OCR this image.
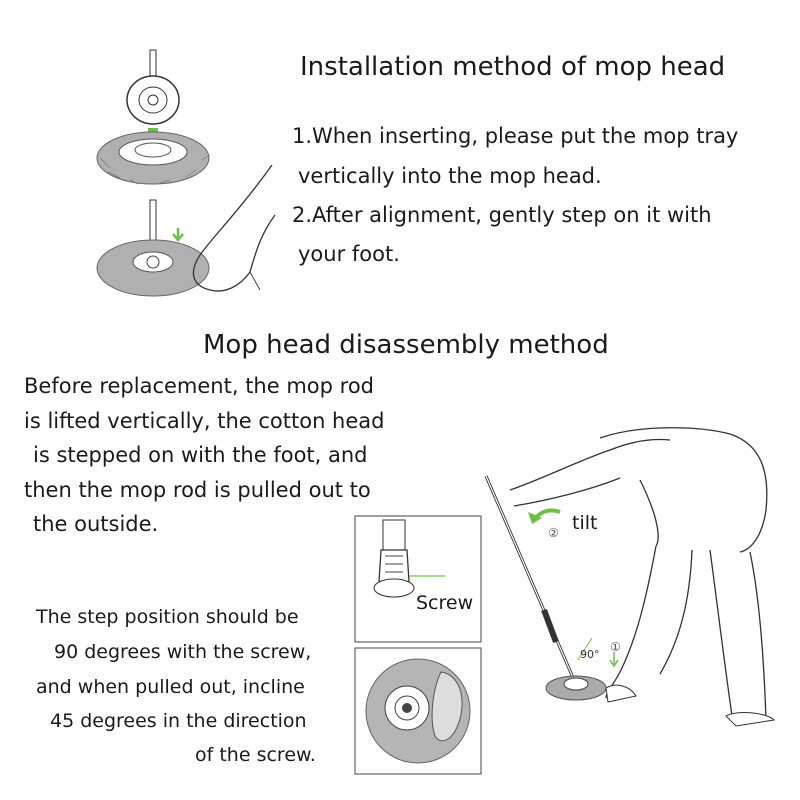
Installation method of mop head
1.When inserting, please put the mop tray
vertically into the mop head.
2.After alignment, gently step on it with
your foot.
Mop head disassembly method
Before replacement, the mop rod
is lifted vertically, the cotton head
is stepped on with the foot, and
then the mop rod is pulled out to
the outside.
The step position should be
90 degrees with the screw,
and when pulled out, incline
45 degrees in the direction
of the screw.
Screw
tilt
②
90°
①
